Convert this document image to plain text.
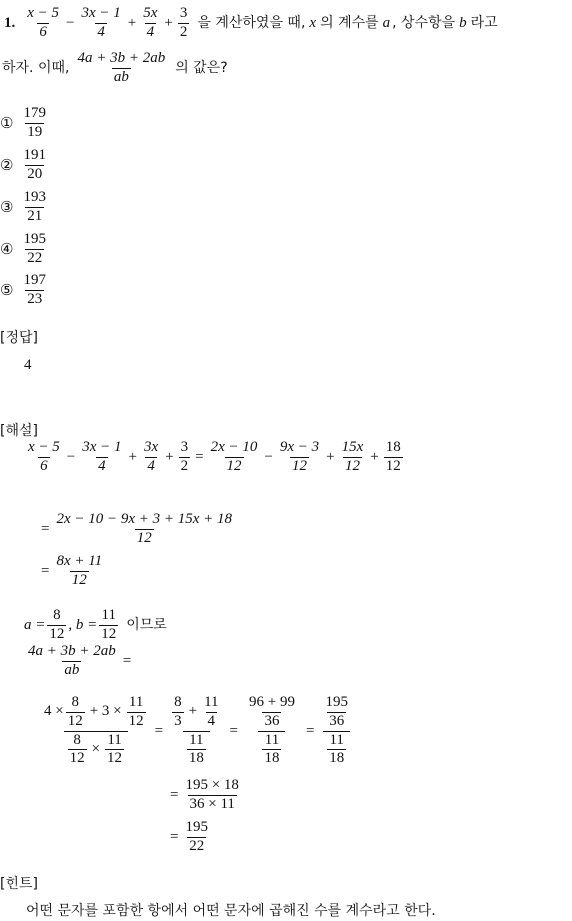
1. $\frac{x - 5}{6} - \frac{3x - 1}{4} + \frac{5x}{4} + \frac{3}{2}$ 을 계산하였을 때, x 의 계수를 a , 상수항을 b 라고
하자. 이때, $\frac{4a + 3b + 2ab}{ab}$ 의 값은?
① $\frac{179}{19}$
② $\frac{191}{20}$
③ $\frac{193}{21}$
④ $\frac{195}{22}$
⑤ $\frac{197}{23}$
[정답]
4
[해설]
$\frac{x - 5}{6} - \frac{3x - 1}{4} + \frac{3x}{4} + \frac{3}{2} = \frac{2x - 10}{12} - \frac{9x - 3}{12} + \frac{15x}{12} + \frac{18}{12}$
= $\frac{2x - 10 - 9x + 3 + 15x + 18}{12}$
= $\frac{8x + 11}{12}$
$a = \frac{8}{12}$ , $b = \frac{11}{12}$ 이므로
$\frac{4a + 3b + 2ab}{ab}$ =
$\frac{4 \times \frac{8}{12} + 3 \times \frac{11}{12}}{\frac{8}{12} \times \frac{11}{12}} = \frac{\frac{8}{3} + \frac{11}{4}}{\frac{11}{18}} = \frac{\frac{96 + 99}{36}}{\frac{11}{18}} = \frac{\frac{195}{36}}{\frac{11}{18}}$
= $\frac{195 \times 18}{36 \times 11}$
= $\frac{195}{22}$
[힌트]
어떤 문자를 포함한 항에서 어떤 문자에 곱해진 수를 계수라고 한다.
